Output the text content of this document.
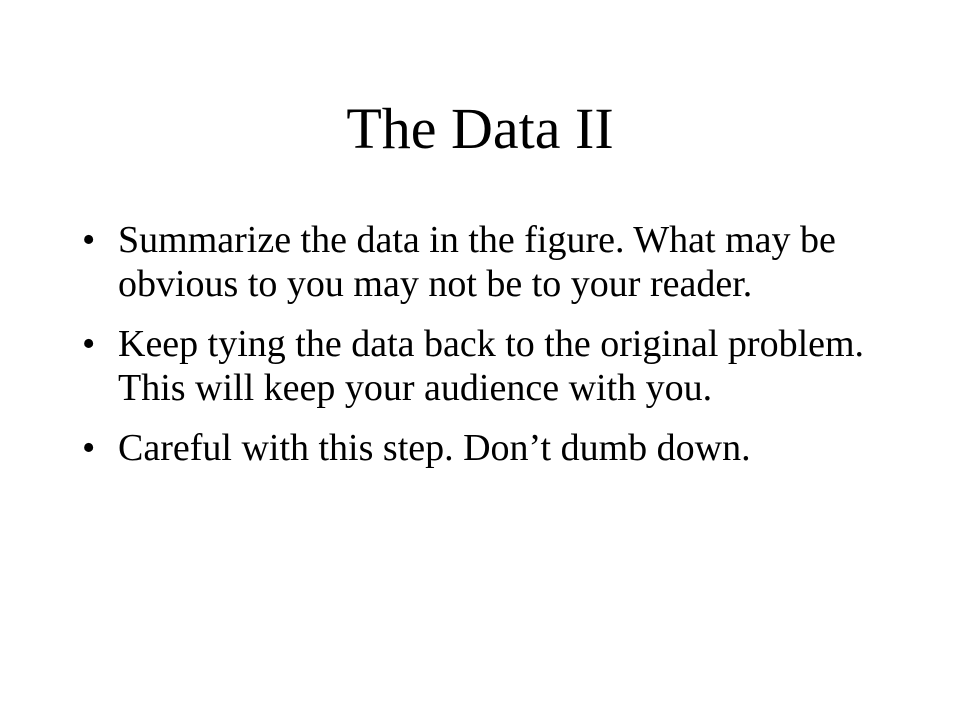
The Data II
• Summarize the data in the figure. What may be obvious to you may not be to your reader.
• Keep tying the data back to the original problem. This will keep your audience with you.
• Careful with this step. Don’t dumb down.
